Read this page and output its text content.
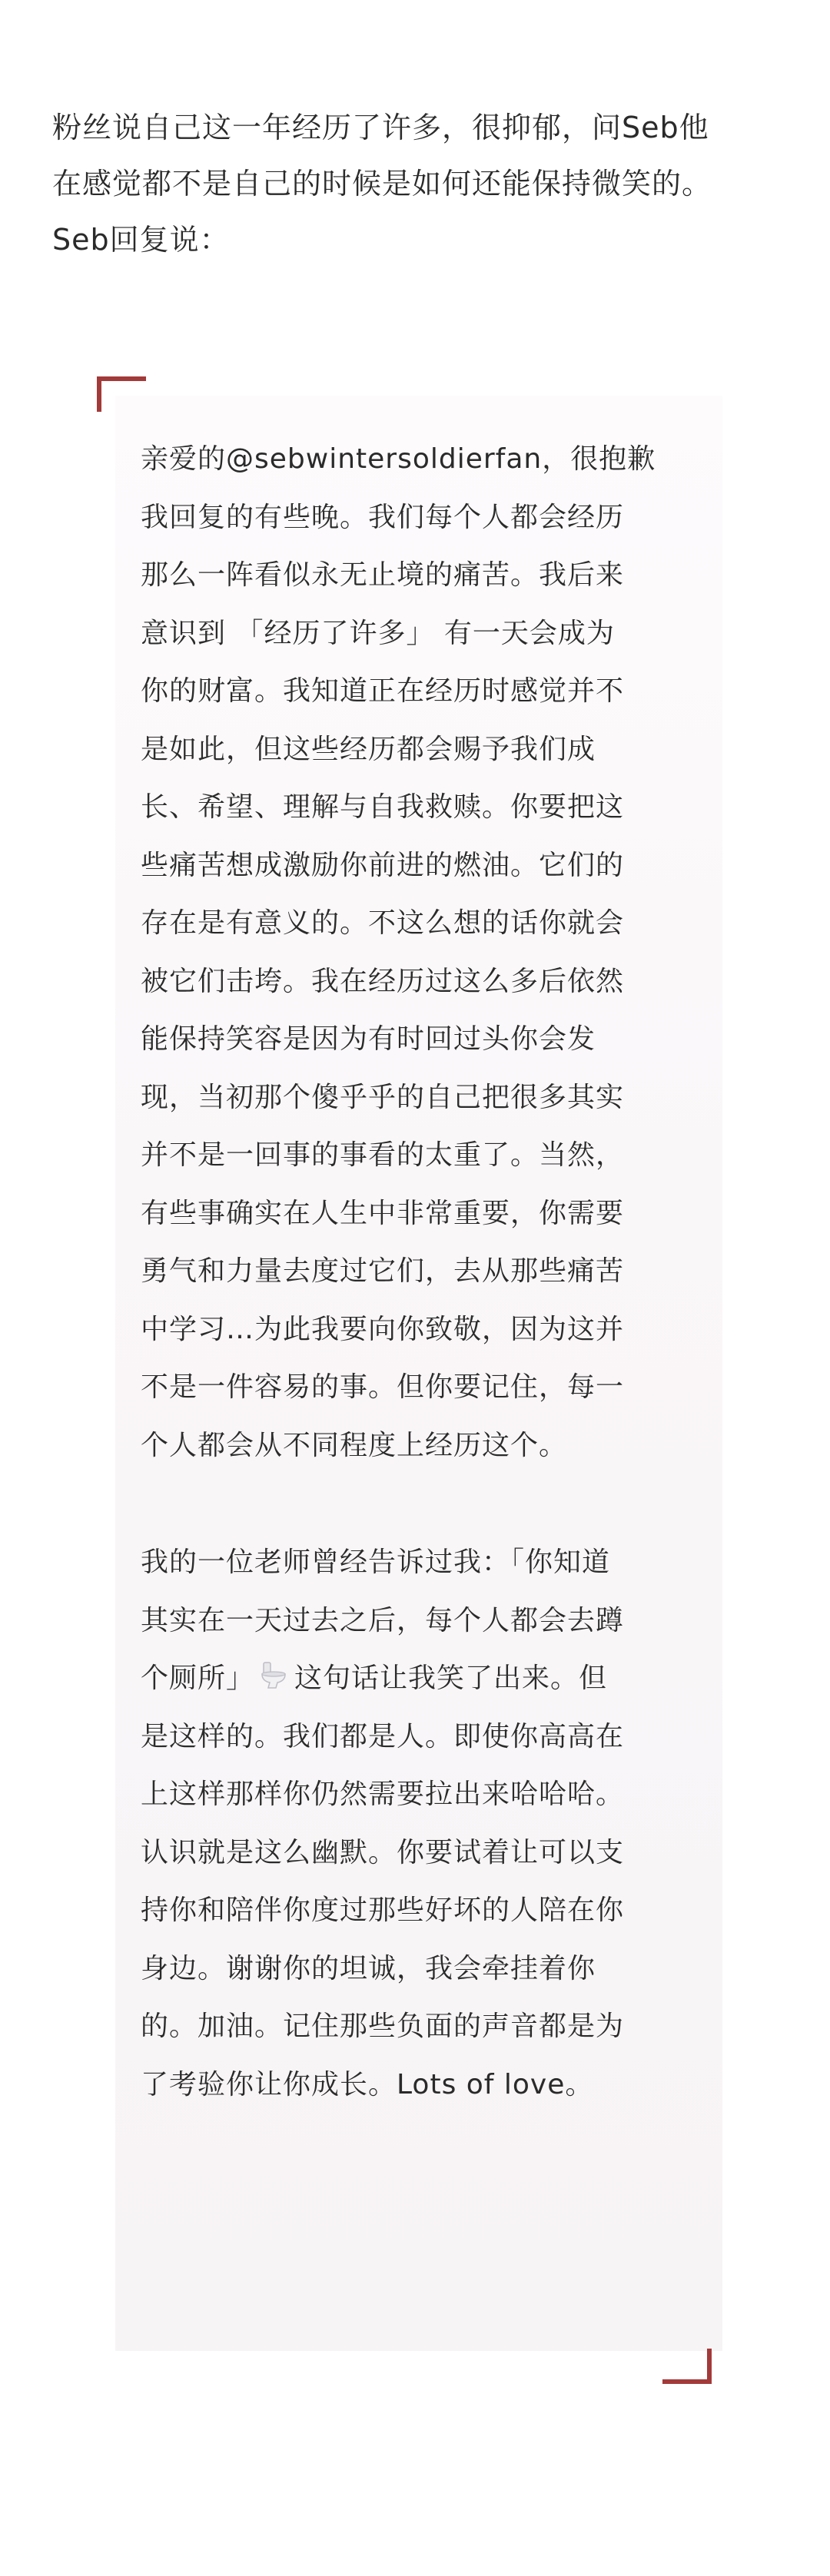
粉丝说自己这一年经历了许多，很抑郁，问Seb他

在感觉都不是自己的时候是如何还能保持微笑的。

Seb回复说：

亲爱的@sebwintersoldierfan，很抱歉
我回复的有些晚。我们每个人都会经历
那么一阵看似永无止境的痛苦。我后来
意识到 「经历了许多」 有一天会成为
你的财富。我知道正在经历时感觉并不
是如此，但这些经历都会赐予我们成
长、希望、理解与自我救赎。你要把这
些痛苦想成激励你前进的燃油。它们的
存在是有意义的。不这么想的话你就会
被它们击垮。我在经历过这么多后依然
能保持笑容是因为有时回过头你会发
现，当初那个傻乎乎的自己把很多其实
并不是一回事的事看的太重了。当然，
有些事确实在人生中非常重要，你需要
勇气和力量去度过它们，去从那些痛苦
中学习…为此我要向你致敬，因为这并
不是一件容易的事。但你要记住，每一
个人都会从不同程度上经历这个。

我的一位老师曾经告诉过我：「你知道
其实在一天过去之后，每个人都会去蹲
个厕所」 这句话让我笑了出来。但
是这样的。我们都是人。即使你高高在
上这样那样你仍然需要拉出来哈哈哈。
认识就是这么幽默。你要试着让可以支
持你和陪伴你度过那些好坏的人陪在你
身边。谢谢你的坦诚，我会牵挂着你
的。加油。记住那些负面的声音都是为
了考验你让你成长。Lots of love。
